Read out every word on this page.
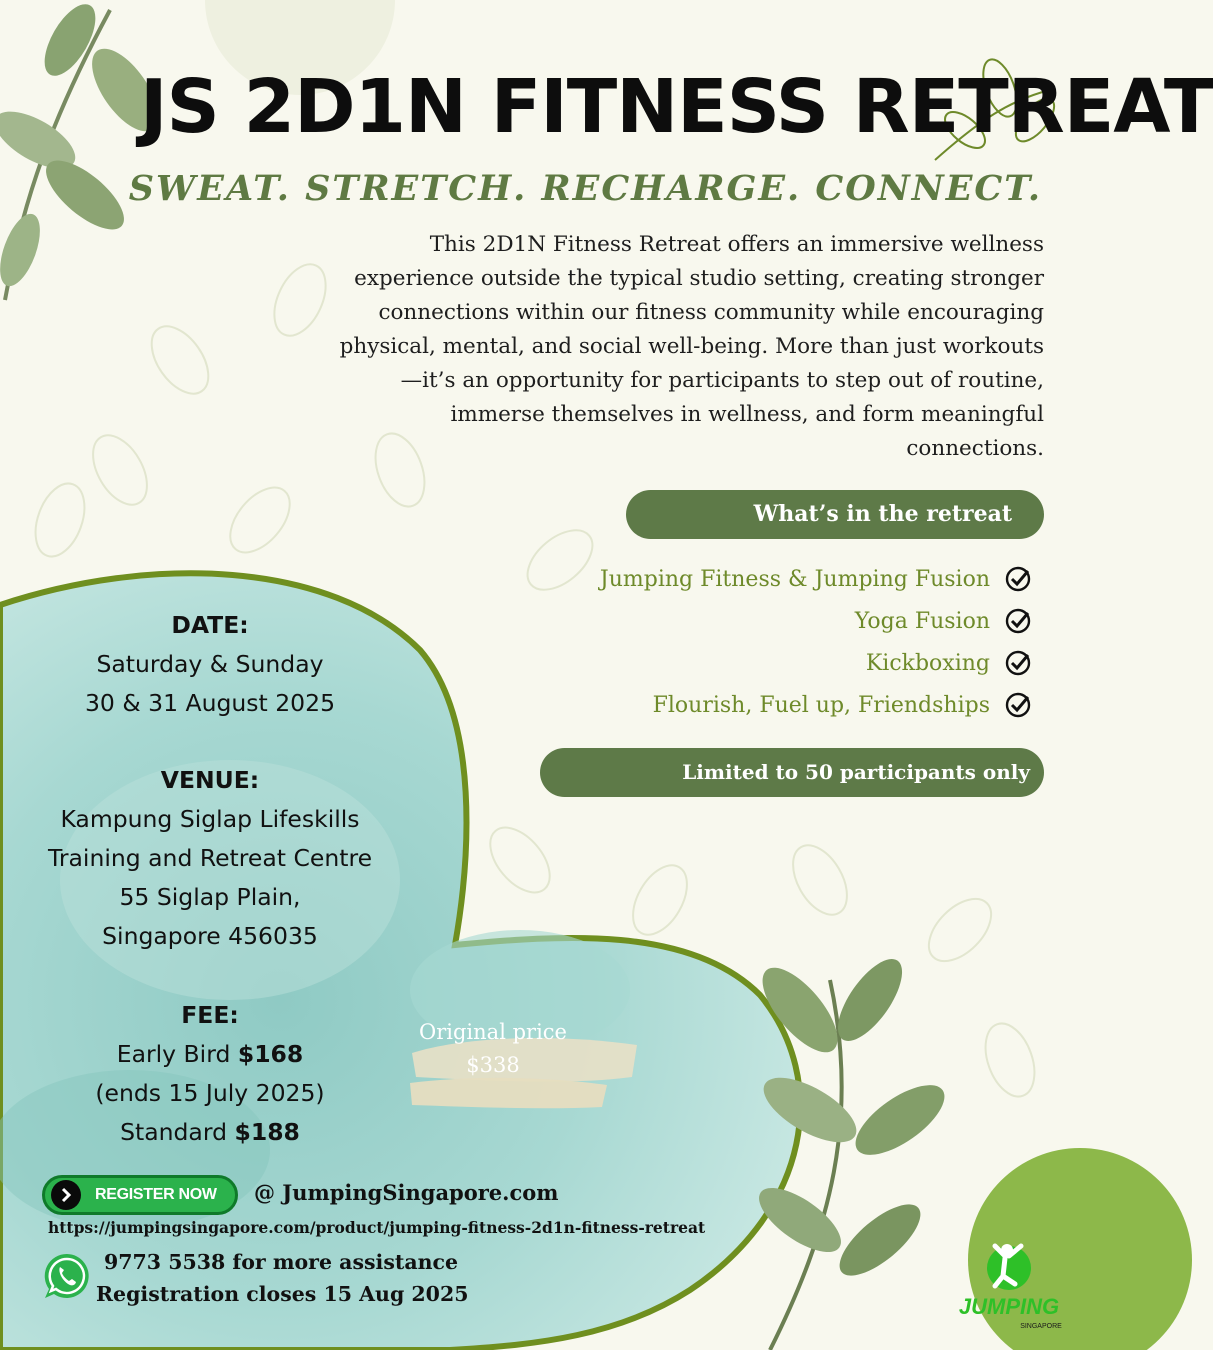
JS 2D1N FITNESS RETREAT
SWEAT. STRETCH. RECHARGE. CONNECT.
This 2D1N Fitness Retreat offers an immersive wellness experience outside the typical studio setting, creating stronger connections within our fitness community while encouraging physical, mental, and social well-being. More than just workouts—it’s an opportunity for participants to step out of routine, immerse themselves in wellness, and form meaningful connections.
What’s in the retreat
Jumping Fitness & Jumping Fusion
Yoga Fusion
Kickboxing
Flourish, Fuel up, Friendships
Limited to 50 participants only
DATE:
Saturday & Sunday
30 & 31 August 2025
VENUE:
Kampung Siglap Lifeskills
Training and Retreat Centre
55 Siglap Plain,
Singapore 456035
FEE:
Early Bird $168
(ends 15 July 2025)
Standard $188
Original price
$338
REGISTER NOW @ JumpingSingapore.com
https://jumpingsingapore.com/product/jumping-fitness-2d1n-fitness-retreat
9773 5538 for more assistance
Registration closes 15 Aug 2025	JUMPING
SINGAPORE
